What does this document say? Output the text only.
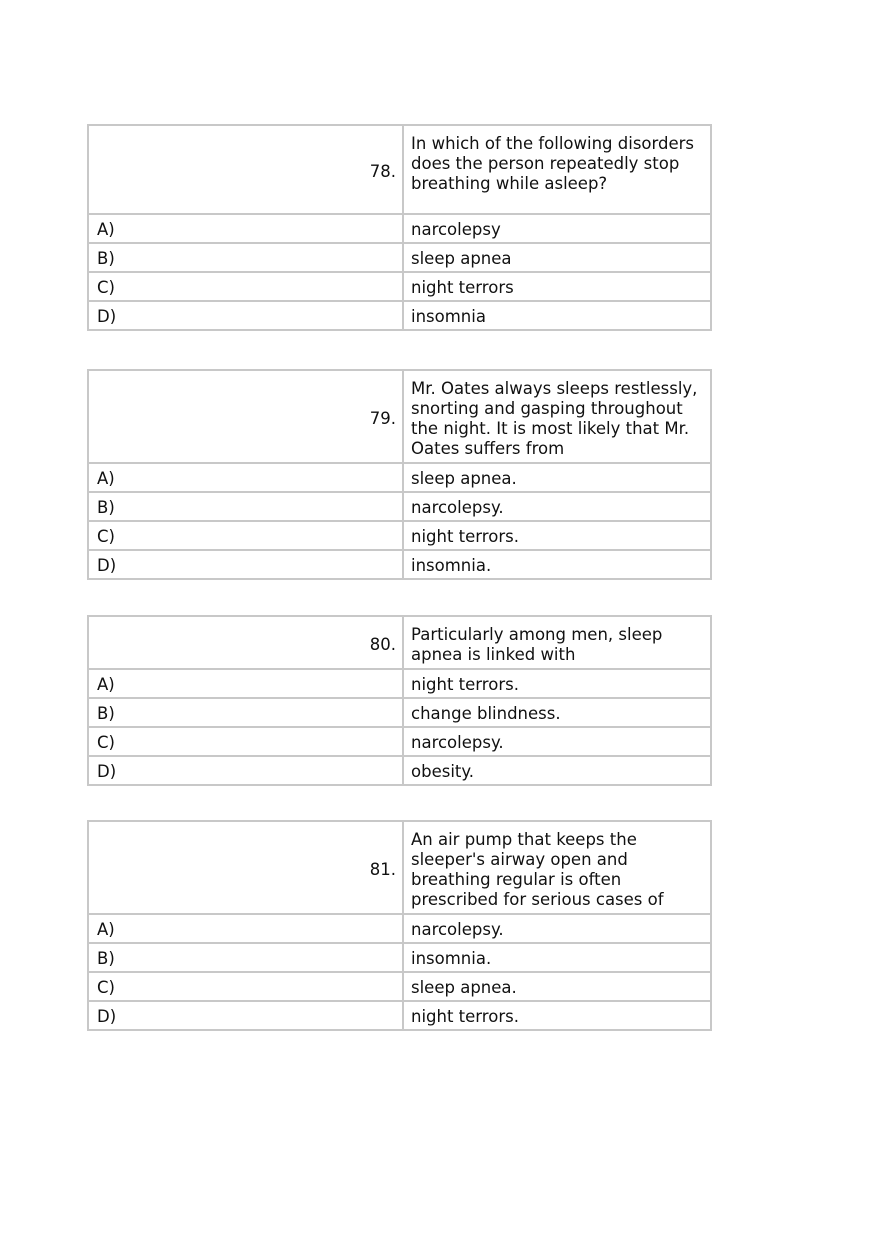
78.	In which of the following disorders does the person repeatedly stop breathing while asleep?
A)	narcolepsy
B)	sleep apnea
C)	night terrors
D)	insomnia
79.	Mr. Oates always sleeps restlessly, snorting and gasping throughout the night. It is most likely that Mr. Oates suffers from
A)	sleep apnea.
B)	narcolepsy.
C)	night terrors.
D)	insomnia.
80.	Particularly among men, sleep apnea is linked with
A)	night terrors.
B)	change blindness.
C)	narcolepsy.
D)	obesity.
81.	An air pump that keeps the sleeper's airway open and breathing regular is often prescribed for serious cases of
A)	narcolepsy.
B)	insomnia.
C)	sleep apnea.
D)	night terrors.
